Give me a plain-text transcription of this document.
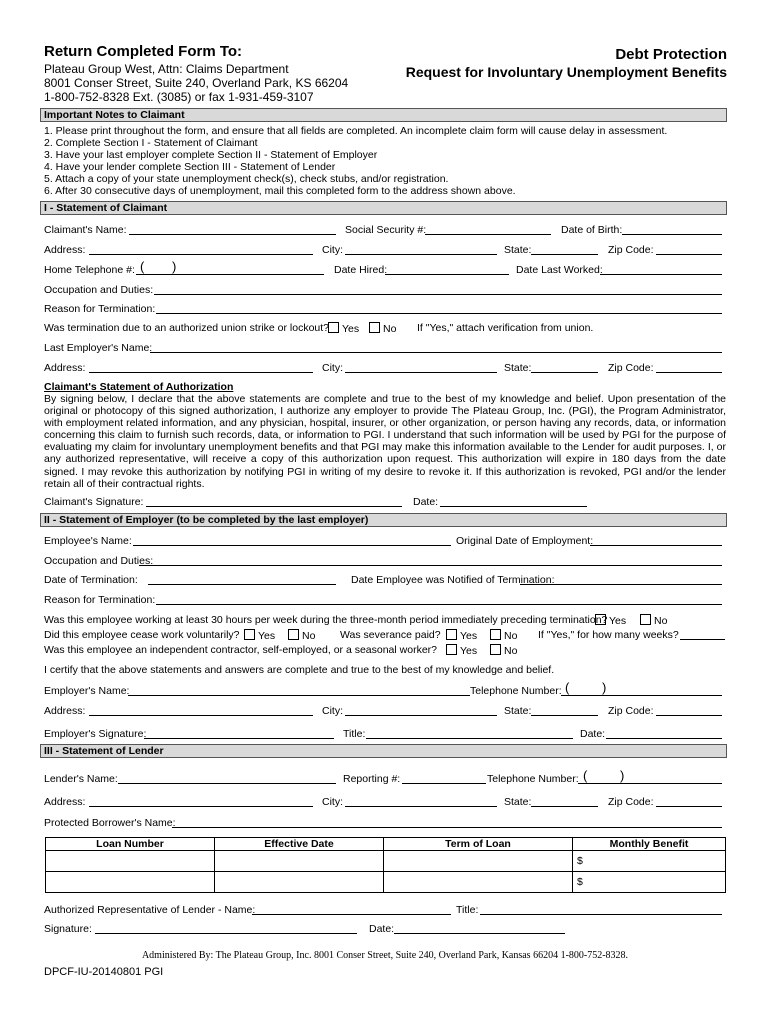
Return Completed Form To:
Plateau Group West, Attn: Claims Department
8001 Conser Street, Suite 240, Overland Park, KS 66204
1-800-752-8328 Ext. (3085) or fax 1-931-459-3107
Debt Protection
Request for Involuntary Unemployment Benefits
Important Notes to Claimant
1. Please print throughout the form, and ensure that all fields are completed. An incomplete claim form will cause delay in assessment.
2. Complete Section I - Statement of Claimant
3. Have your last employer complete Section II - Statement of Employer
4. Have your lender complete Section III - Statement of Lender
5. Attach a copy of your state unemployment check(s), check stubs, and/or registration.
6. After 30 consecutive days of unemployment, mail this completed form to the address shown above.
I - Statement of Claimant
Claimant's Name:	Social Security #:	Date of Birth:
Address:	City:	State:	Zip Code:
Home Telephone #: ( )	Date Hired:	Date Last Worked:
Occupation and Duties:
Reason for Termination:
Was termination due to an authorized union strike or lockout?	Yes	No If "Yes," attach verification from union.
Last Employer's Name:
Address:	City:	State:	Zip Code:
Claimant's Statement of Authorization
By signing below, I declare that the above statements are complete and true to the best of my knowledge and belief. Upon presentation of the original or photocopy of this signed authorization, I authorize any employer to provide The Plateau Group, Inc. (PGI), the Program Administrator, with employment related information, and any physician, hospital, insurer, or other organization, or person having any records, data, or information concerning this claim to furnish such records, data, or information to PGI. I understand that such information will be used by PGI for the purpose of evaluating my claim for involuntary unemployment benefits and that PGI may make this information available to the Lender for audit purposes. I, or any authorized representative, will receive a copy of this authorization upon request. This authorization will expire in 180 days from the date signed. I may revoke this authorization by notifying PGI in writing of my desire to revoke it. If this authorization is revoked, PGI and/or the lender retain all of their contractual rights.
Claimant's Signature:	Date:
II - Statement of Employer (to be completed by the last employer)
Employee's Name:	Original Date of Employment:
Occupation and Duties:
Date of Termination:	Date Employee was Notified of Termination:
Reason for Termination:
Was this employee working at least 30 hours per week during the three-month period immediately preceding termination? Yes	No
Did this employee cease work voluntarily?	Yes	No Was severance paid?	Yes	No If "Yes," for how many weeks?
Was this employee an independent contractor, self-employed, or a seasonal worker?	Yes	No
I certify that the above statements and answers are complete and true to the best of my knowledge and belief.
Employer's Name:	Telephone Number: (	)
Address:	City:	State:	Zip Code:
Employer's Signature:	Title:	Date:
III - Statement of Lender
Lender's Name:	Reporting #:	Telephone Number: (	)
Address:	City:	State:	Zip Code:
Protected Borrower's Name:
Loan Number	Effective Date	Term of Loan	Monthly Benefit
			$
			$
Authorized Representative of Lender - Name:	Title:
Signature:	Date:
Administered By: The Plateau Group, Inc. 8001 Conser Street, Suite 240, Overland Park, Kansas 66204 1-800-752-8328.
DPCF-IU-20140801 PGI
